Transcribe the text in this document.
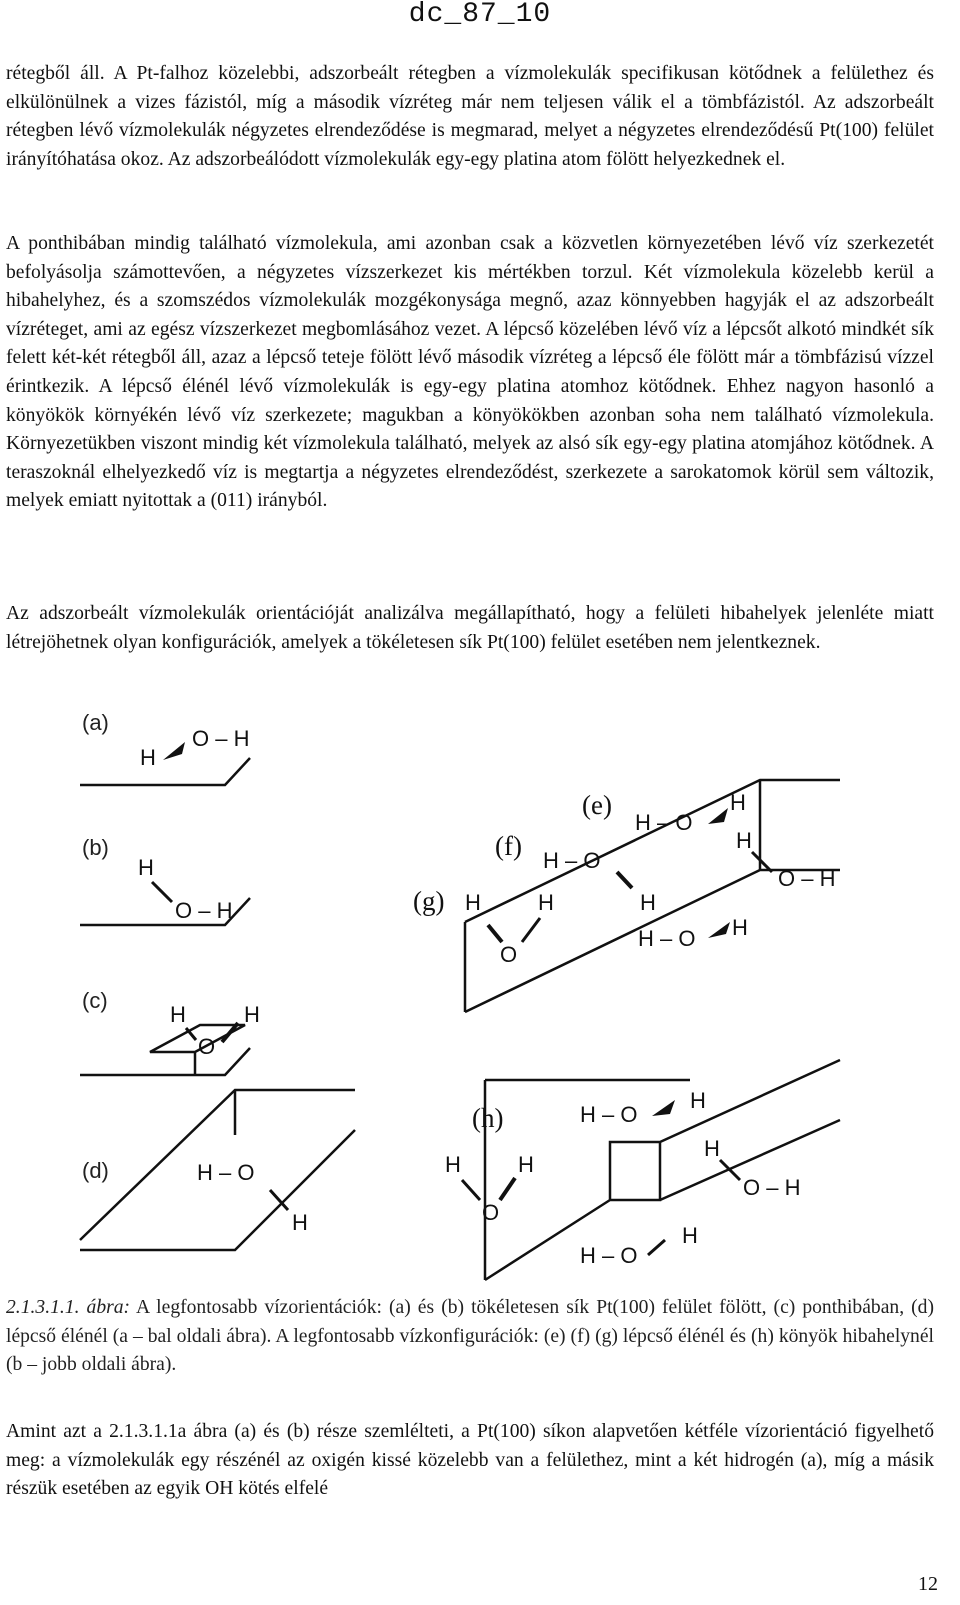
dc_87_10

rétegből áll. A Pt-falhoz közelebbi, adszorbeált rétegben a vízmolekulák specifikusan kötődnek a felülethez és elkülönülnek a vizes fázistól, míg a második vízréteg már nem teljesen válik el a tömbfázistól. Az adszorbeált rétegben lévő vízmolekulák négyzetes elrendeződése is megmarad, melyet a négyzetes elrendeződésű Pt(100) felület irányítóhatása okoz. Az adszorbeálódott vízmolekulák egy-egy platina atom fölött helyezkednek el.

A ponthibában mindig található vízmolekula, ami azonban csak a közvetlen környezetében lévő víz szerkezetét befolyásolja számottevően, a négyzetes vízszerkezet kis mértékben torzul. Két vízmolekula közelebb kerül a hibahelyhez, és a szomszédos vízmolekulák mozgékonysága megnő, azaz könnyebben hagyják el az adszorbeált vízréteget, ami az egész vízszerkezet megbomlásához vezet. A lépcső közelében lévő víz a lépcsőt alkotó mindkét sík felett két-két rétegből áll, azaz a lépcső teteje fölött lévő második vízréteg a lépcső éle fölött már a tömbfázisú vízzel érintkezik. A lépcső élénél lévő vízmolekulák is egy-egy platina atomhoz kötődnek. Ehhez nagyon hasonló a könyökök környékén lévő víz szerkezete; magukban a könyökökben azonban soha nem található vízmolekula. Környezetükben viszont mindig két vízmolekula található, melyek az alsó sík egy-egy platina atomjához kötődnek. A teraszoknál elhelyezkedő víz is megtartja a négyzetes elrendeződést, szerkezete a sarokatomok körül sem változik, melyek emiatt nyitottak a (011) irányból.

Az adszorbeált vízmolekulák orientációját analizálva megállapítható, hogy a felületi hibahelyek jelenléte miatt létrejöhetnek olyan konfigurációk, amelyek a tökéletesen sík Pt(100) felület esetében nem jelentkeznek.

(a)
(b)
(c)
(d)
(e)
(f)
(g)
(h)
H
O – H
H
O – H
H	H
O
H – O
H
H – O
H
H
O – H
H – O
H
H – O H
H	H
O
H	H
O
H – O
H
H
O – H
H
H – O

2.1.3.1.1. ábra: A legfontosabb vízorientációk: (a) és (b) tökéletesen sík Pt(100) felület fölött, (c) ponthibában, (d) lépcső élénél (a – bal oldali ábra). A legfontosabb vízkonfigurációk: (e) (f) (g) lépcső élénél és (h) könyök hibahelynél (b – jobb oldali ábra).

Amint azt a 2.1.3.1.1a ábra (a) és (b) része szemlélteti, a Pt(100) síkon alapvetően kétféle vízorientáció figyelhető meg: a vízmolekulák egy részénél az oxigén kissé közelebb van a felülethez, mint a két hidrogén (a), míg a másik részük esetében az egyik OH kötés elfelé

12
